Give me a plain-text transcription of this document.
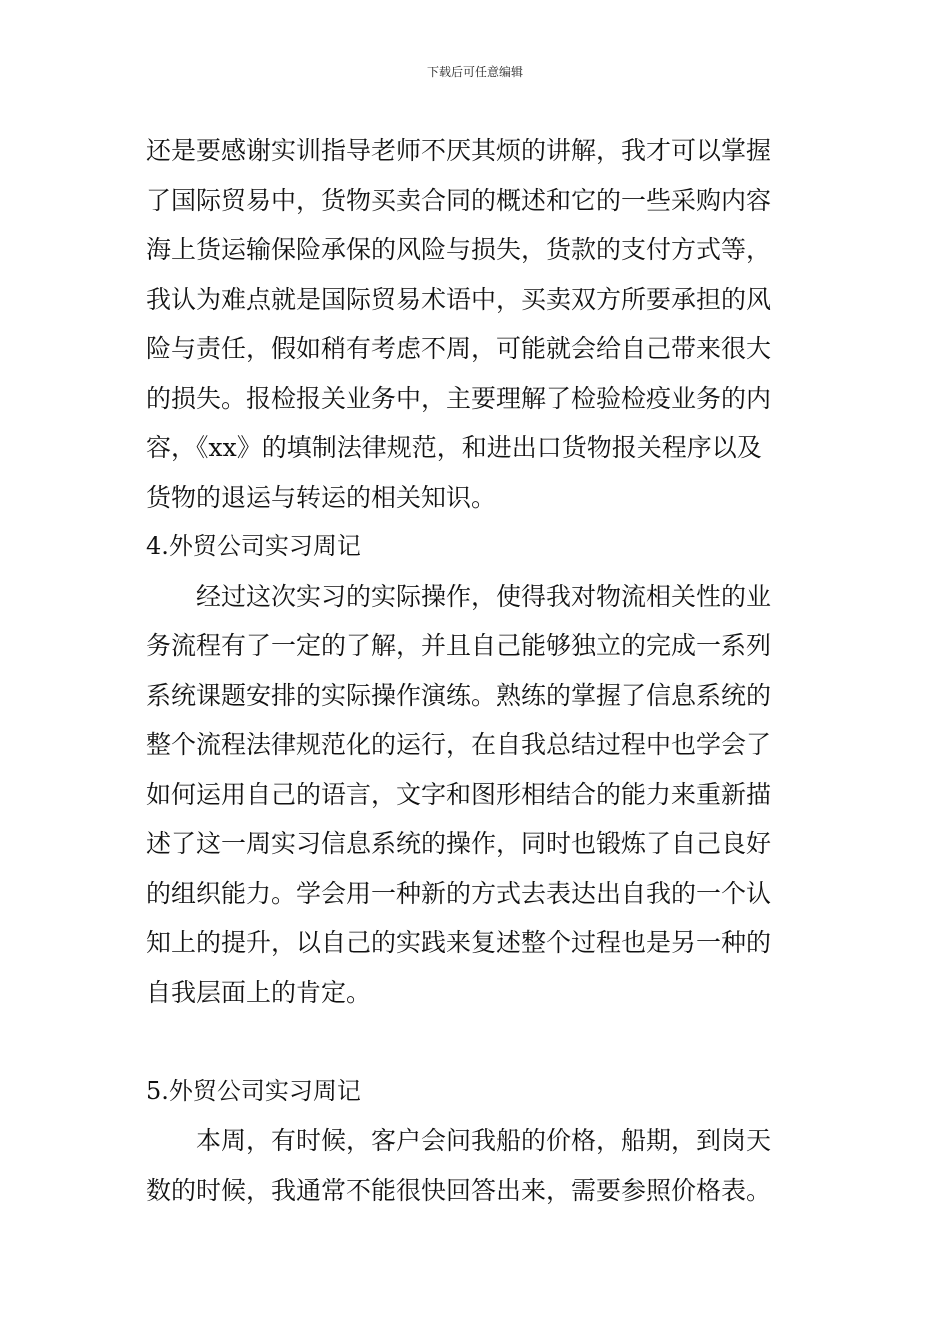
下载后可任意编辑
还是要感谢实训指导老师不厌其烦的讲解，我才可以掌握
了国际贸易中，货物买卖合同的概述和它的一些采购内容
海上货运输保险承保的风险与损失，货款的支付方式等，
我认为难点就是国际贸易术语中，买卖双方所要承担的风
险与责任，假如稍有考虑不周，可能就会给自己带来很大
的损失。报检报关业务中，主要理解了检验检疫业务的内
容，《xx》的填制法律规范，和进出口货物报关程序以及
货物的退运与转运的相关知识。
4.外贸公司实习周记
经过这次实习的实际操作，使得我对物流相关性的业
务流程有了一定的了解，并且自己能够独立的完成一系列
系统课题安排的实际操作演练。熟练的掌握了信息系统的
整个流程法律规范化的运行，在自我总结过程中也学会了
如何运用自己的语言，文字和图形相结合的能力来重新描
述了这一周实习信息系统的操作，同时也锻炼了自己良好
的组织能力。学会用一种新的方式去表达出自我的一个认
知上的提升，以自己的实践来复述整个过程也是另一种的
自我层面上的肯定。
5.外贸公司实习周记
本周，有时候，客户会问我船的价格，船期，到岗天
数的时候，我通常不能很快回答出来，需要参照价格表。
